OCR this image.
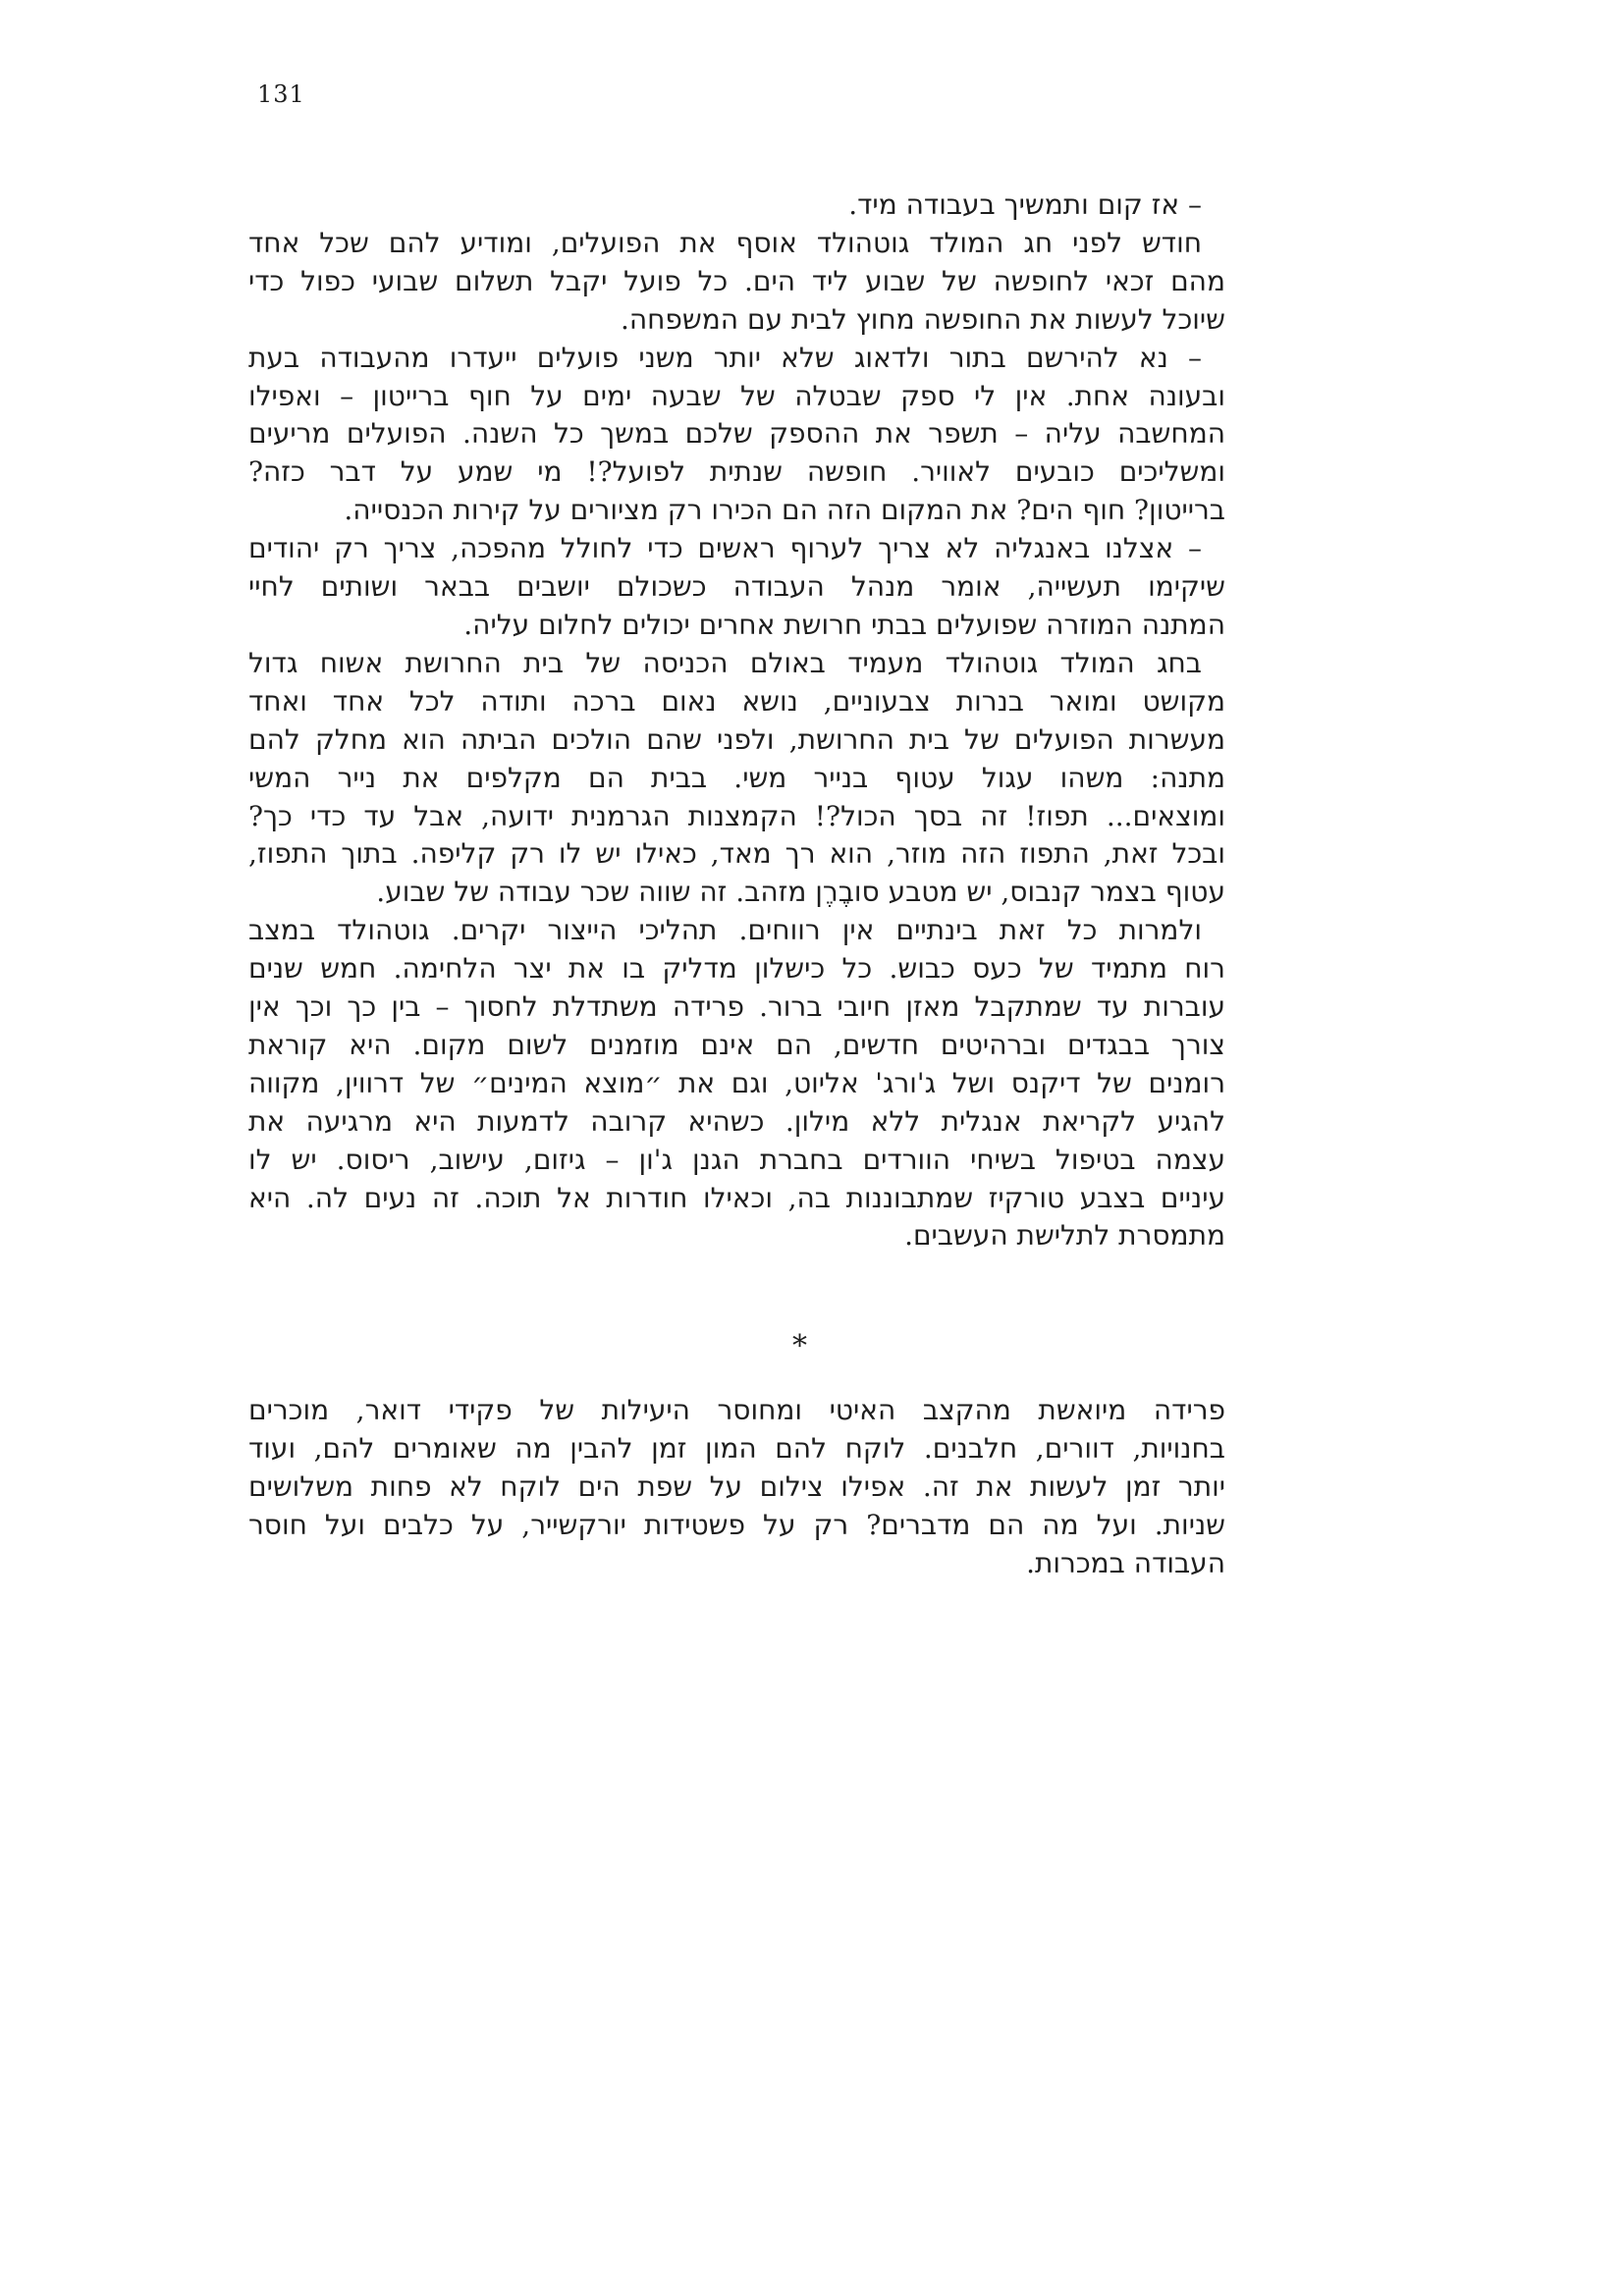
131
– אז קום ותמשיך בעבודה מיד.
חודש לפני חג המולד גוטהולד אוסף את הפועלים, ומודיע להם שכל אחד
מהם זכאי לחופשה של שבוע ליד הים. כל פועל יקבל תשלום שבועי כפול כדי
שיוכל לעשות את החופשה מחוץ לבית עם המשפחה.
– נא להירשם בתור ולדאוג שלא יותר משני פועלים ייעדרו מהעבודה בעת
ובעונה אחת. אין לי ספק שבטלה של שבעה ימים על חוף ברייטון – ואפילו
המחשבה עליה – תשפר את ההספק שלכם במשך כל השנה. הפועלים מריעים
ומשליכים כובעים לאוויר. חופשה שנתית לפועל?! מי שמע על דבר כזה?
ברייטון? חוף הים? את המקום הזה הם הכירו רק מציורים על קירות הכנסייה.
– אצלנו באנגליה לא צריך לערוף ראשים כדי לחולל מהפכה, צריך רק יהודים
שיקימו תעשייה, אומר מנהל העבודה כשכולם יושבים בבאר ושותים לחיי
המתנה המוזרה שפועלים בבתי חרושת אחרים יכולים לחלום עליה.
בחג המולד גוטהולד מעמיד באולם הכניסה של בית החרושת אשוח גדול
מקושט ומואר בנרות צבעוניים, נושא נאום ברכה ותודה לכל אחד ואחד
מעשרות הפועלים של בית החרושת, ולפני שהם הולכים הביתה הוא מחלק להם
מתנה: משהו עגול עטוף בנייר משי. בבית הם מקלפים את נייר המשי
ומוצאים... תפוז! זה בסך הכול?! הקמצנות הגרמנית ידועה, אבל עד כדי כך?
ובכל זאת, התפוז הזה מוזר, הוא רך מאד, כאילו יש לו רק קליפה. בתוך התפוז,
עטוף בצמר קנבוס, יש מטבע סובֶרֶן מזהב. זה שווה שכר עבודה של שבוע.
ולמרות כל זאת בינתיים אין רווחים. תהליכי הייצור יקרים. גוטהולד במצב
רוח מתמיד של כעס כבוש. כל כישלון מדליק בו את יצר הלחימה. חמש שנים
עוברות עד שמתקבל מאזן חיובי ברור. פרידה משתדלת לחסוך – בין כך וכך אין
צורך בבגדים וברהיטים חדשים, הם אינם מוזמנים לשום מקום. היא קוראת
רומנים של דיקנס ושל ג'ורג' אליוט, וגם את ״מוצא המינים״ של דרווין, מקווה
להגיע לקריאת אנגלית ללא מילון. כשהיא קרובה לדמעות היא מרגיעה את
עצמה בטיפול בשיחי הוורדים בחברת הגנן ג'ון – גיזום, עישוב, ריסוס. יש לו
עיניים בצבע טורקיז שמתבוננות בה, וכאילו חודרות אל תוכה. זה נעים לה. היא
מתמסרת לתלישת העשבים.
*
פרידה מיואשת מהקצב האיטי ומחוסר היעילות של פקידי דואר, מוכרים
בחנויות, דוורים, חלבנים. לוקח להם המון זמן להבין מה שאומרים להם, ועוד
יותר זמן לעשות את זה. אפילו צילום על שפת הים לוקח לא פחות משלושים
שניות. ועל מה הם מדברים? רק על פשטידות יורקשייר, על כלבים ועל חוסר
העבודה במכרות.
